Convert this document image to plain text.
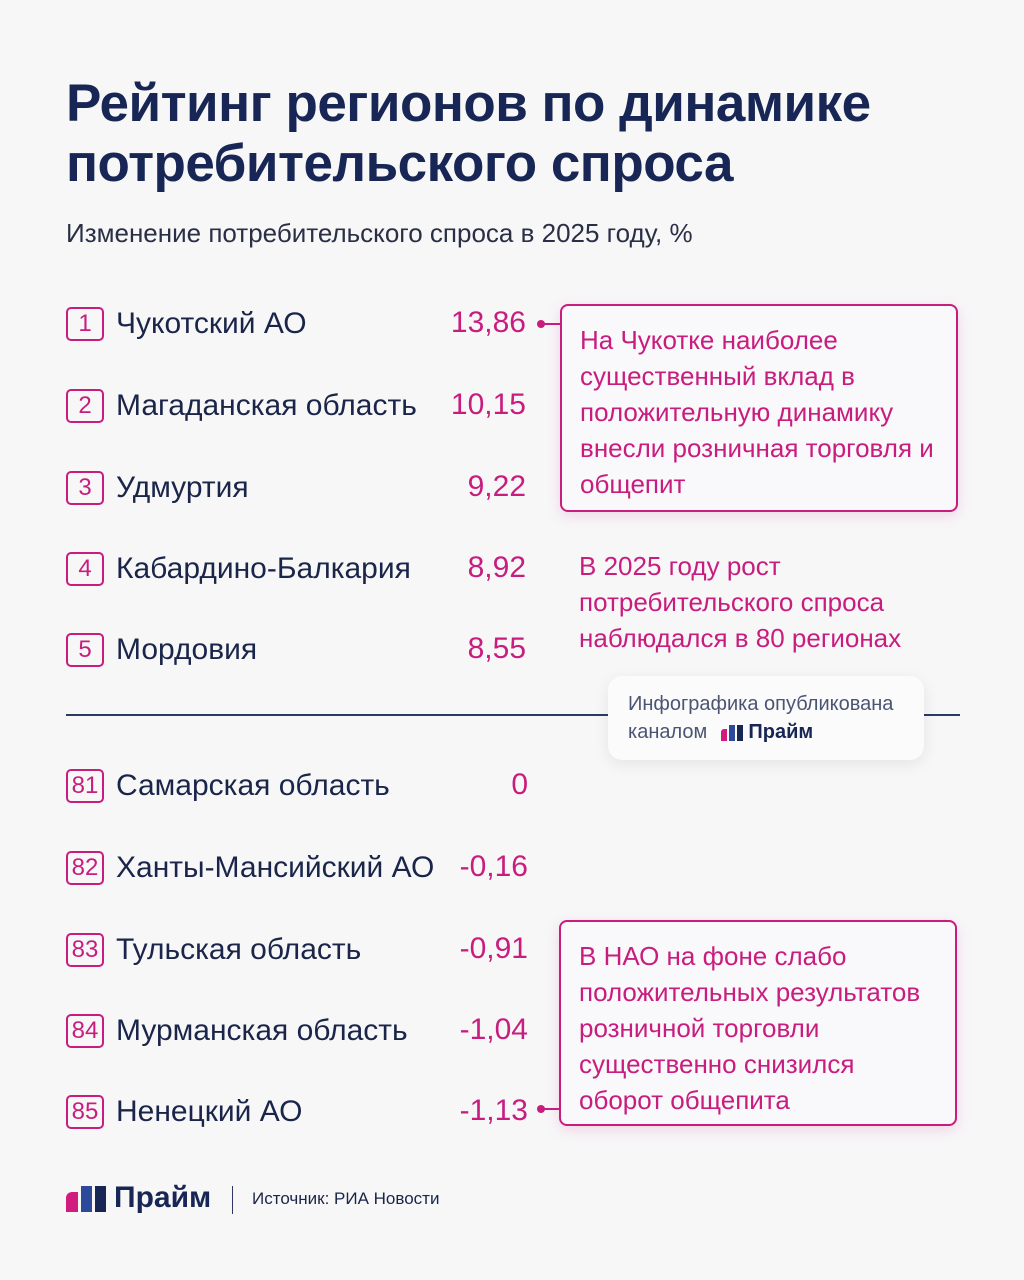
Рейтинг регионов по динамике потребительского спроса
Изменение потребительского спроса в 2025 году, %
1 Чукотский АО	13,86
2 Магаданская область	10,15
3 Удмуртия	9,22
4 Кабардино-Балкария	8,92
5 Мордовия	8,55
На Чукотке наиболее существенный вклад в положительную динамику внесли розничная торговля и общепит
В 2025 году рост потребительского спроса наблюдался в 80 регионах
Инфографика опубликована
каналом Прайм
81 Самарская область	0
82 Ханты-Мансийский АО -0,16
83 Тульская область	-0,91
84 Мурманская область	-1,04
85 Ненецкий АО	-1,13
В НАО на фоне слабо положительных результатов розничной торговли существенно снизился оборот общепита
Прайм Источник: РИА Новости
